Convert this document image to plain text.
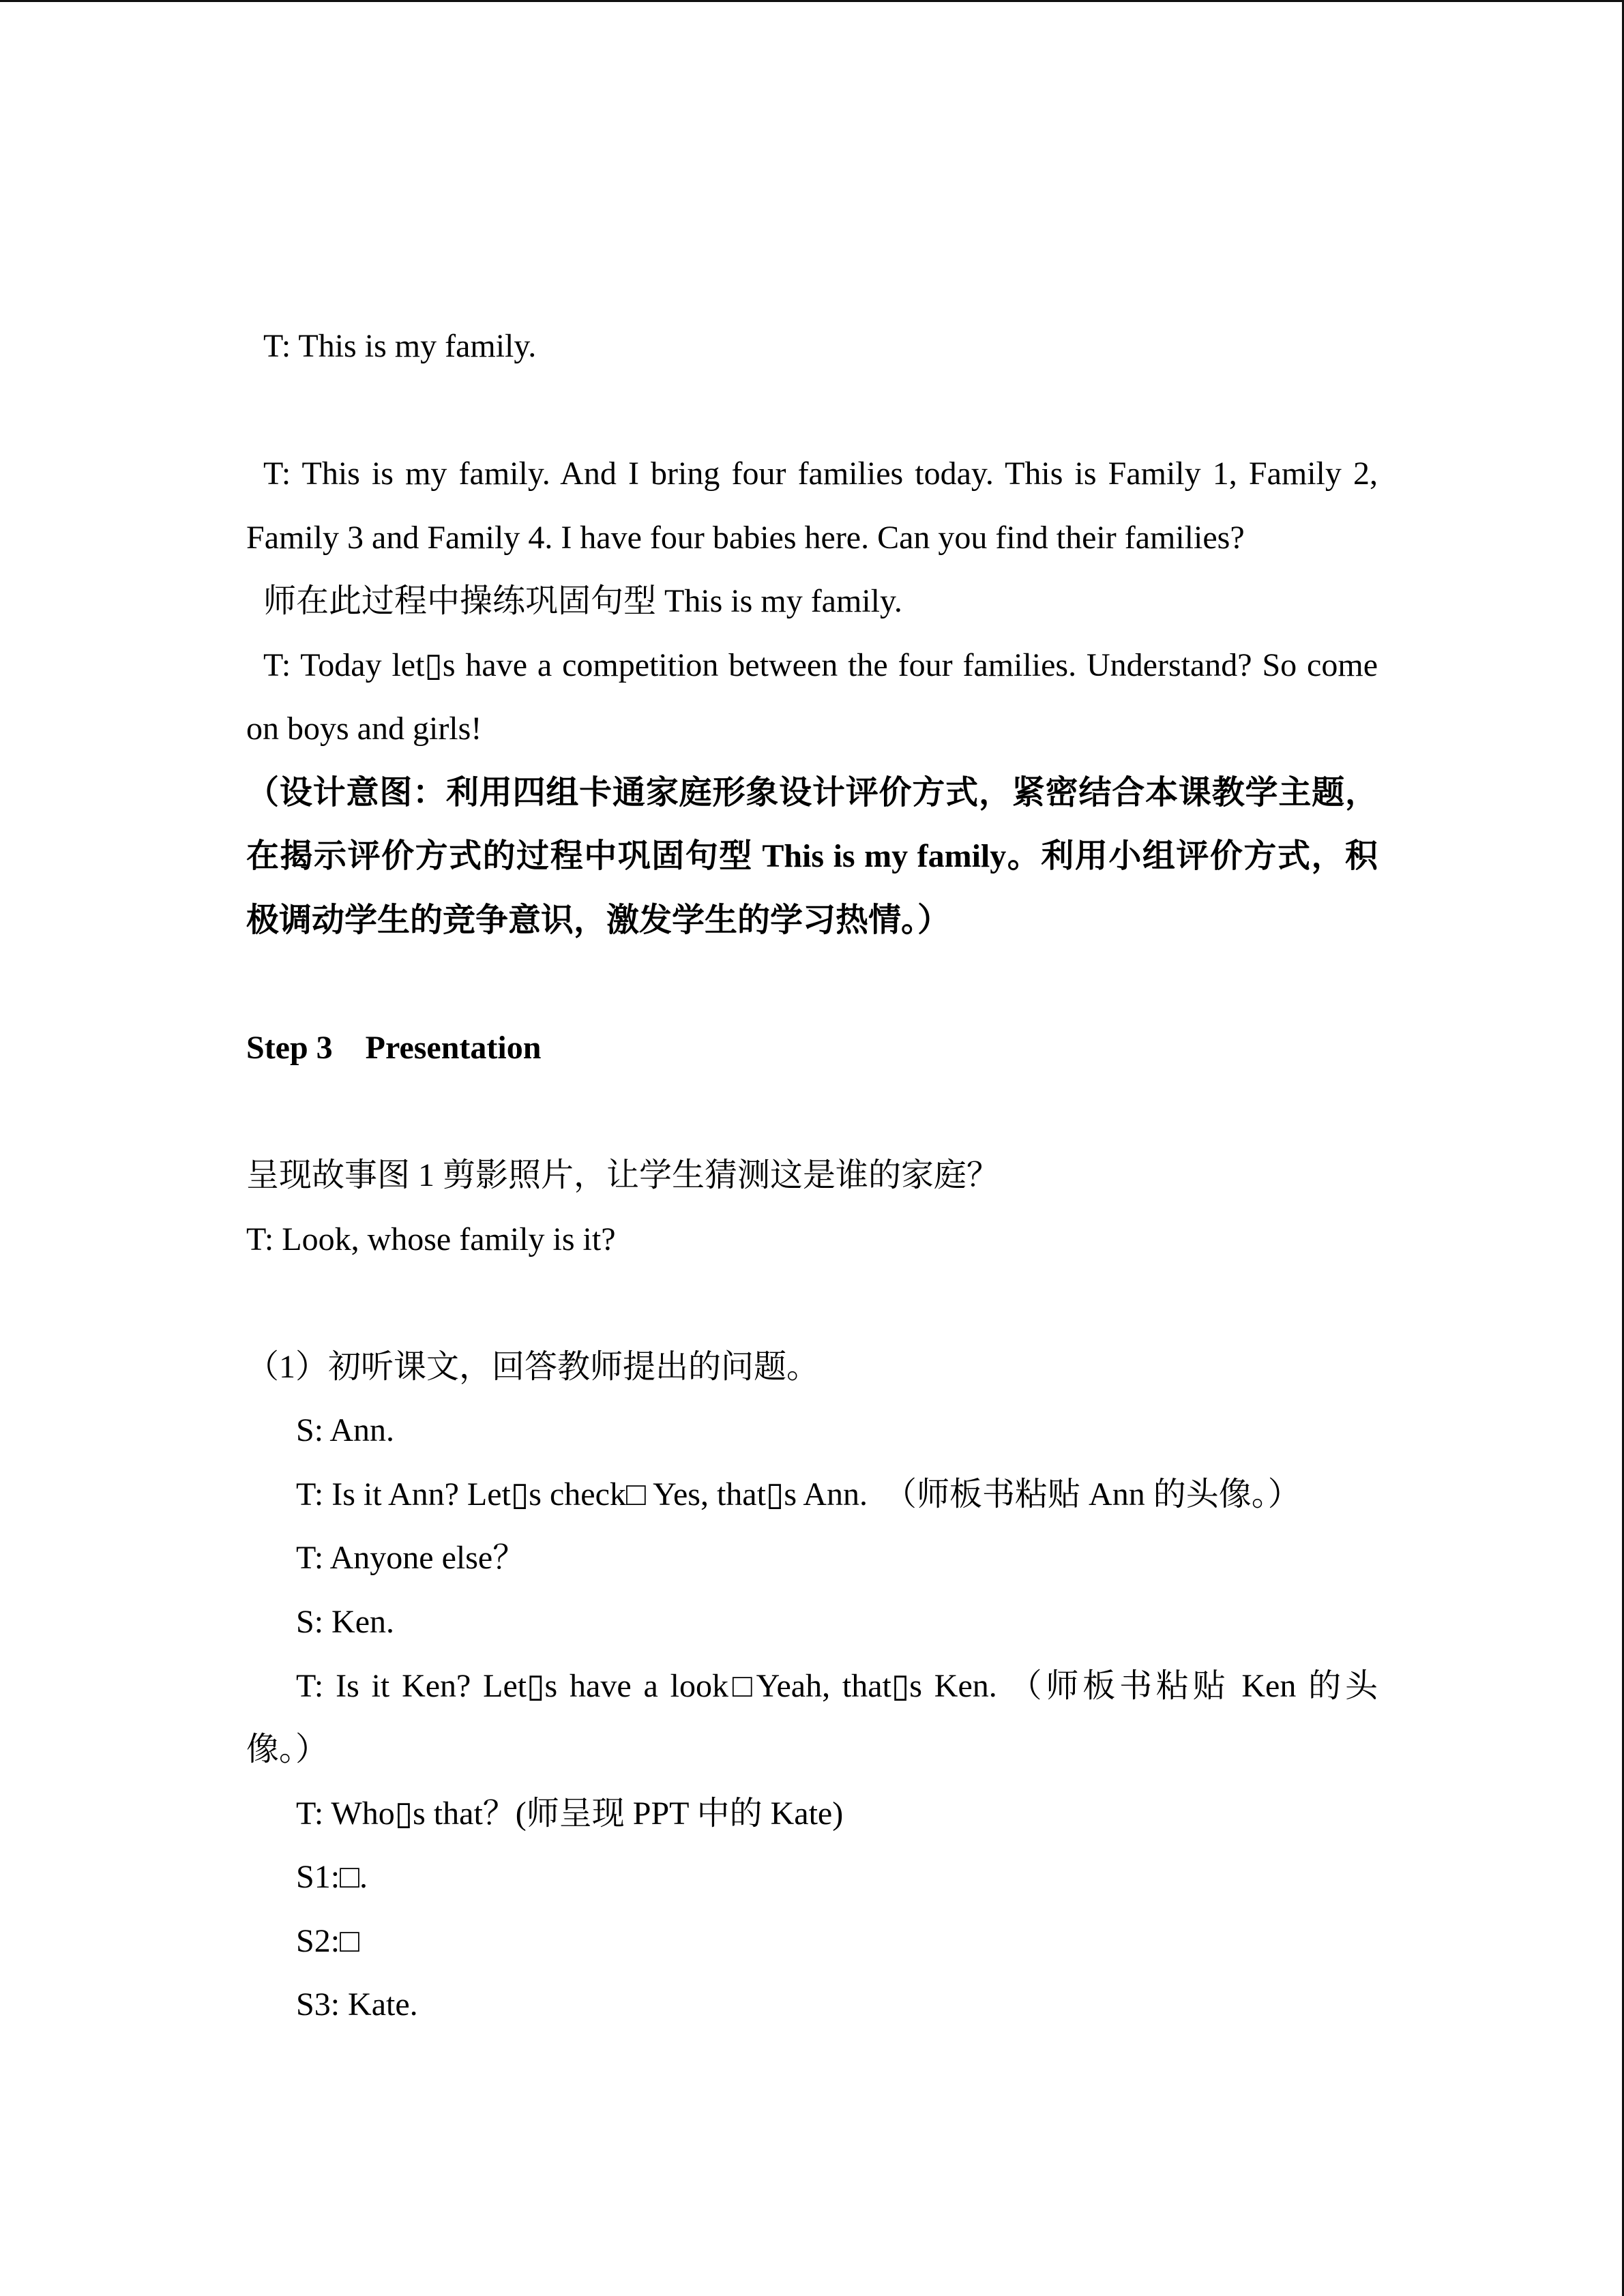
T: This is my family.

T: This is my family. And I bring four families today. This is Family 1, Family 2,
Family 3 and Family 4. I have four babies here. Can you find their families?
师在此过程中操练巩固句型 This is my family.
T: Today let▯s have a competition between the four families. Understand? So come
on boys and girls!
（设计意图：利用四组卡通家庭形象设计评价方式，紧密结合本课教学主题，
在揭示评价方式的过程中巩固句型 This is my family。利用小组评价方式，积
极调动学生的竞争意识，激发学生的学习热情。）

Step 3    Presentation

呈现故事图 1 剪影照片，让学生猜测这是谁的家庭？
T: Look, whose family is it?

（1）初听课文，回答教师提出的问题。
S: Ann.
T: Is it Ann? Let▯s check□ Yes, that▯s Ann.  （师板书粘贴 Ann 的头像。）
T: Anyone else？
S: Ken.
T: Is it Ken? Let▯s have a look□Yeah, that▯s Ken. （师板书粘贴 Ken 的头
像。）
T: Who▯s that？(师呈现 PPT 中的 Kate)
S1:□.
S2:□
S3: Kate.
